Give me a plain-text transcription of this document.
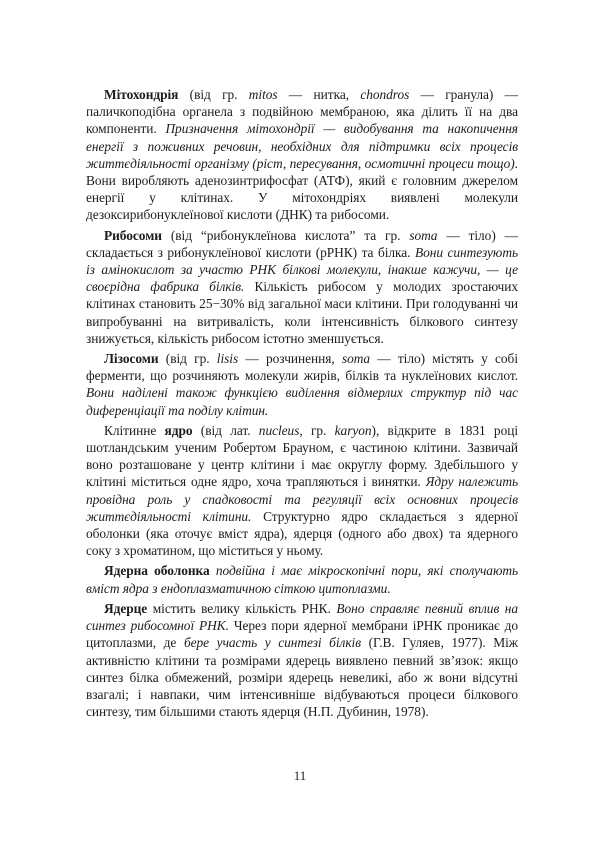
Мітохондрія (від гр. mitos — нитка, chondros — гранула) — паличкоподібна органела з подвійною мембраною, яка ділить її на два компоненти. Призначення мітохондрії — видобування та накопичення енергії з поживних речовин, необхідних для підтримки всіх процесів життєдіяльності організму (ріст, пересування, осмотичні процеси тощо). Вони виробляють аденозинтрифосфат (АТФ), який є головним джерелом енергії у клітинах. У мітохондріях виявлені молекули дезоксирибонуклеїнової кислоти (ДНК) та рибосоми.

Рибосоми (від “рибонуклеїнова кислота” та гр. soma — тіло) — складається з рибонуклеїнової кислоти (рРНК) та білка. Вони синтезують із амінокислот за участю РНК білкові молекули, інакше кажучи, — це своєрідна фабрика білків. Кількість рибосом у молодих зростаючих клітинах становить 25−30% від загальної маси клітини. При голодуванні чи випробуванні на витривалість, коли інтенсивність білкового синтезу знижується, кількість рибосом істотно зменшується.

Лізосоми (від гр. lisis — розчинення, soma — тіло) містять у собі ферменти, що розчиняють молекули жирів, білків та нуклеїнових кислот. Вони наділені також функцією виділення відмерлих структур під час диференціації та поділу клітин.

Клітинне ядро (від лат. nucleus, гр. karyon), відкрите в 1831 році шотландським ученим Робертом Брауном, є частиною клітини. Зазвичай воно розташоване у центр клітини і має округлу форму. Здебільшого у клітині міститься одне ядро, хоча трапляються і винятки. Ядру належить провідна роль у спадковості та регуляції всіх основних процесів життєдіяльності клітини. Структурно ядро складається з ядерної оболонки (яка оточує вміст ядра), ядерця (одного або двох) та ядерного соку з хроматином, що міститься у ньому.

Ядерна оболонка подвійна і має мікроскопічні пори, які сполучають вміст ядра з ендоплазматичною сіткою цитоплазми.

Ядерце містить велику кількість РНК. Воно справляє певний вплив на синтез рибосомної РНК. Через пори ядерної мембрани іРНК проникає до цитоплазми, де бере участь у синтезі білків (Г.В. Гуляев, 1977). Між активністю клітини та розмірами ядерець виявлено певний зв’язок: якщо синтез білка обмежений, розміри ядерець невеликі, або ж вони відсутні взагалі; і навпаки, чим інтенсивніше відбуваються процеси білкового синтезу, тим більшими стають ядерця (Н.П. Дубинин, 1978).

11
